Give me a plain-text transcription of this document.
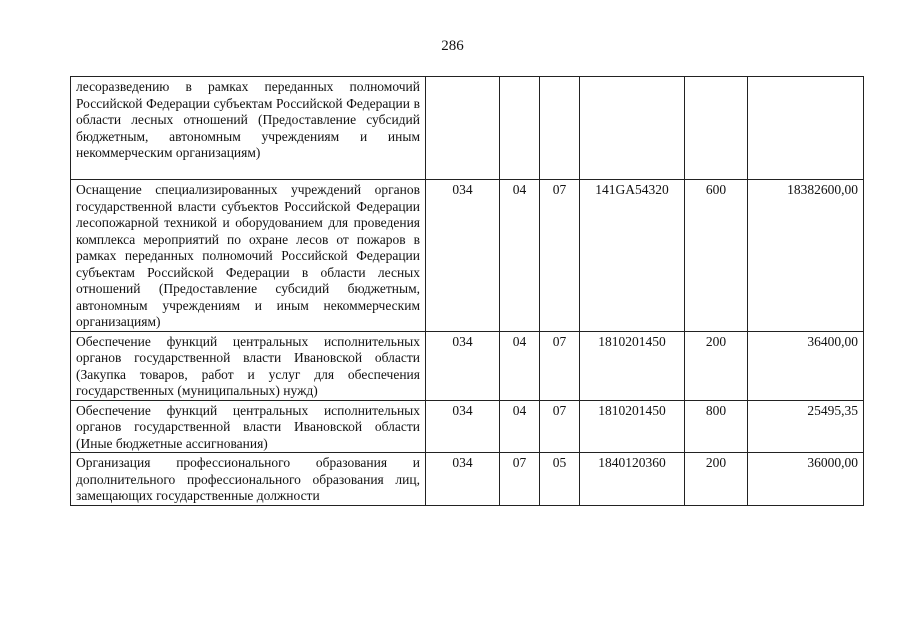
286
лесоразведению в рамках переданных полномочий Российской Федерации субъектам Российской Федерации в области лесных отношений (Предоставление субсидий бюджетным, автономным учреждениям и иным некоммерческим организациям)						
Оснащение специализированных учреждений органов государственной власти субъектов Российской Федерации лесопожарной техникой и оборудованием для проведения комплекса мероприятий по охране лесов от пожаров в рамках переданных полномочий Российской Федерации субъектам Российской Федерации в области лесных отношений (Предоставление субсидий бюджетным, автономным учреждениям и иным некоммерческим организациям)	034	04	07	141GA54320	600	18382600,00
Обеспечение функций центральных исполнительных органов государственной власти Ивановской области (Закупка товаров, работ и услуг для обеспечения государственных (муниципальных) нужд)	034	04	07	1810201450	200	36400,00
Обеспечение функций центральных исполнительных органов государственной власти Ивановской области (Иные бюджетные ассигнования)	034	04	07	1810201450	800	25495,35
Организация профессионального образования и дополнительного профессионального образования лиц, замещающих государственные должности	034	07	05	1840120360	200	36000,00
